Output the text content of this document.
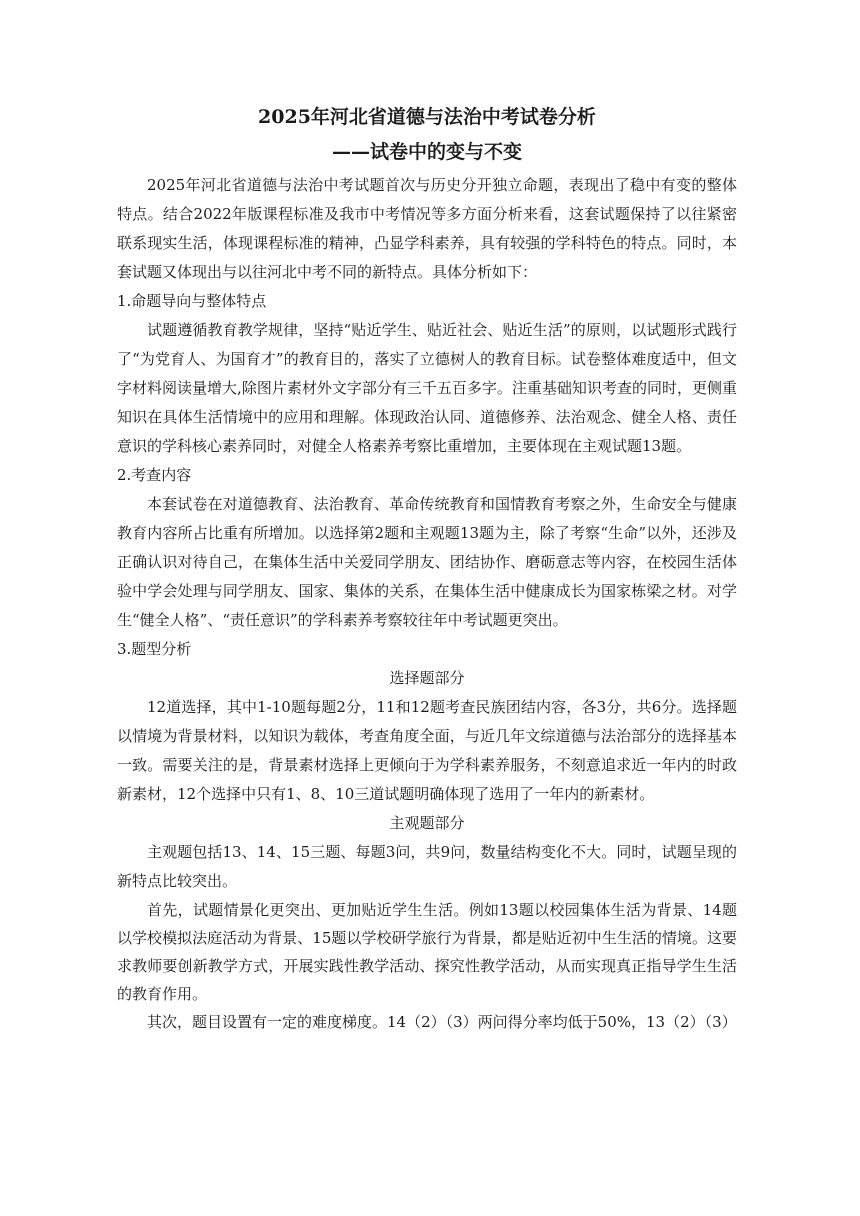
2025年河北省道德与法治中考试卷分析
——试卷中的变与不变

2025年河北省道德与法治中考试题首次与历史分开独立命题，表现出了稳中有变的整体特点。结合2022年版课程标准及我市中考情况等多方面分析来看，这套试题保持了以往紧密联系现实生活，体现课程标准的精神，凸显学科素养，具有较强的学科特色的特点。同时，本套试题又体现出与以往河北中考不同的新特点。具体分析如下：

1.命题导向与整体特点

试题遵循教育教学规律，坚持“贴近学生、贴近社会、贴近生活”的原则，以试题形式践行了“为党育人、为国育才”的教育目的，落实了立德树人的教育目标。试卷整体难度适中，但文字材料阅读量增大,除图片素材外文字部分有三千五百多字。注重基础知识考查的同时，更侧重知识在具体生活情境中的应用和理解。体现政治认同、道德修养、法治观念、健全人格、责任意识的学科核心素养同时，对健全人格素养考察比重增加，主要体现在主观试题13题。

2.考查内容

本套试卷在对道德教育、法治教育、革命传统教育和国情教育考察之外，生命安全与健康教育内容所占比重有所增加。以选择第2题和主观题13题为主，除了考察“生命”以外，还涉及正确认识对待自己，在集体生活中关爱同学朋友、团结协作、磨砺意志等内容，在校园生活体验中学会处理与同学朋友、国家、集体的关系，在集体生活中健康成长为国家栋梁之材。对学生“健全人格”、“责任意识”的学科素养考察较往年中考试题更突出。

3.题型分析

选择题部分

12道选择，其中1-10题每题2分，11和12题考查民族团结内容，各3分，共6分。选择题以情境为背景材料，以知识为载体，考查角度全面，与近几年文综道德与法治部分的选择基本一致。需要关注的是，背景素材选择上更倾向于为学科素养服务，不刻意追求近一年内的时政新素材，12个选择中只有1、8、10三道试题明确体现了选用了一年内的新素材。

主观题部分

主观题包括13、14、15三题、每题3问，共9问，数量结构变化不大。同时，试题呈现的新特点比较突出。

首先，试题情景化更突出、更加贴近学生生活。例如13题以校园集体生活为背景、14题以学校模拟法庭活动为背景、15题以学校研学旅行为背景，都是贴近初中生生活的情境。这要求教师要创新教学方式，开展实践性教学活动、探究性教学活动，从而实现真正指导学生生活的教育作用。

其次，题目设置有一定的难度梯度。14（2）（3）两问得分率均低于50%，13（2）（3）
